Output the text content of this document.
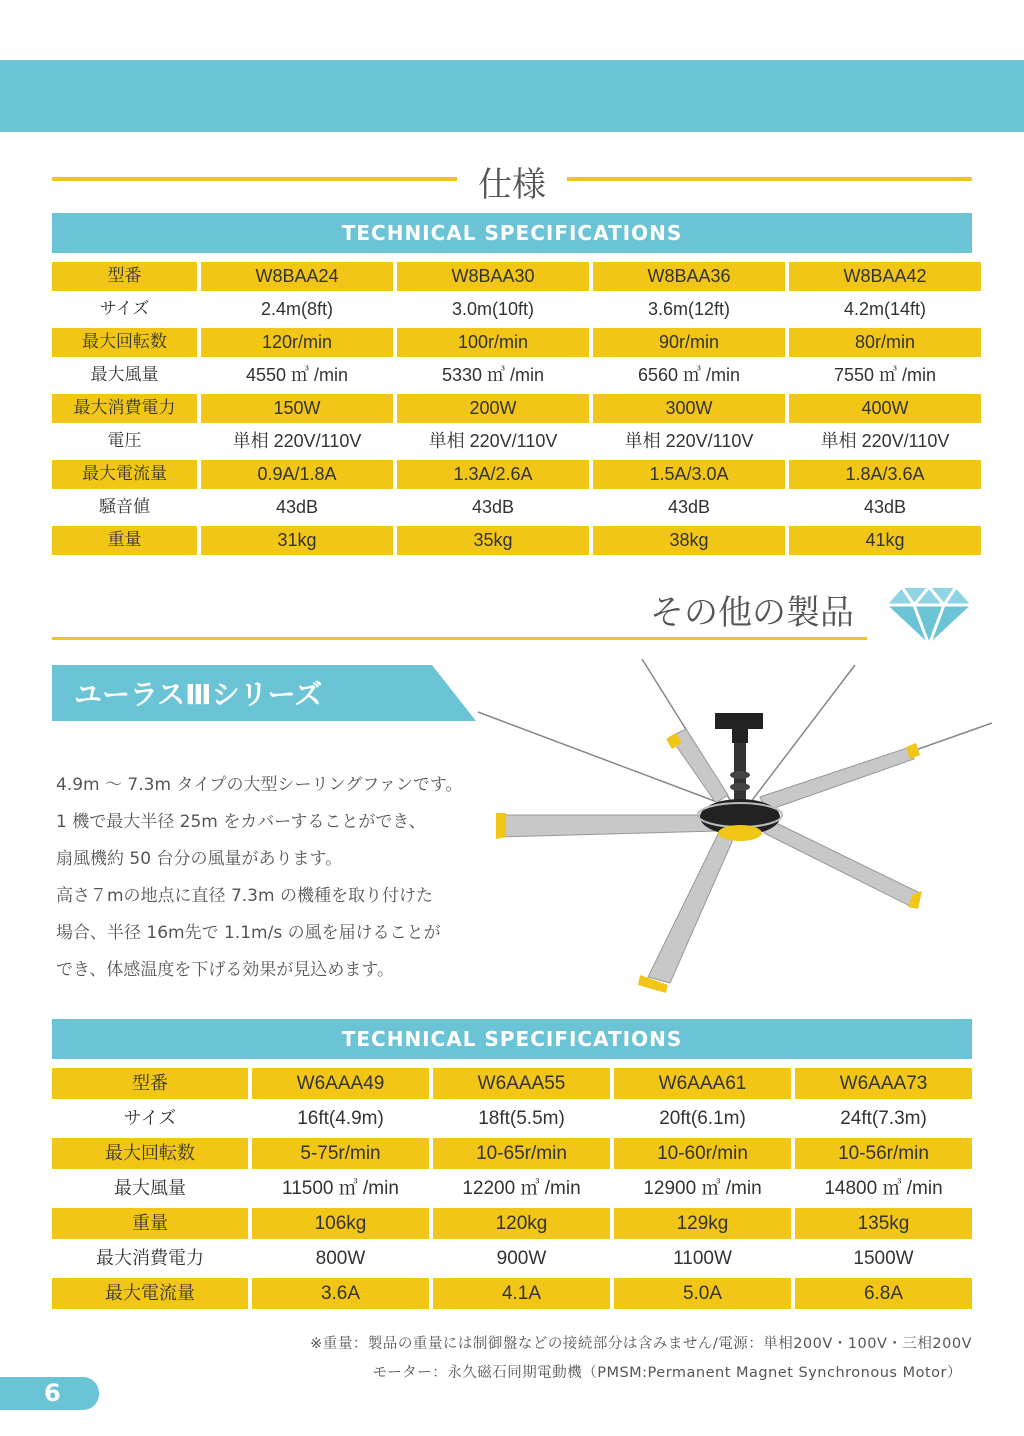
仕様
TECHNICAL SPECIFICATIONS
型番	W8BAA24	W8BAA30	W8BAA36	W8BAA42
サイズ	2.4m(8ft)	3.0m(10ft)	3.6m(12ft)	4.2m(14ft)
最大回転数	120r/min	100r/min	90r/min	80r/min
最大風量	4550 ㎥ /min	5330 ㎥ /min	6560 ㎥ /min	7550 ㎥ /min
最大消費電力	150W	200W	300W	400W
電圧	単相 220V/110V	単相 220V/110V	単相 220V/110V	単相 220V/110V
最大電流量	0.9A/1.8A	1.3A/2.6A	1.5A/3.0A	1.8A/3.6A
騒音値	43dB	43dB	43dB	43dB
重量	31kg	35kg	38kg	41kg
その他の製品
ユーラスⅢシリーズ
4.9m ～ 7.3m タイプの大型シーリングファンです。
1 機で最大半径 25m をカバーすることができ、
扇風機約 50 台分の風量があります。
高さ７mの地点に直径 7.3m の機種を取り付けた
場合、半径 16m先で 1.1m/s の風を届けることが
でき、体感温度を下げる効果が見込めます。
TECHNICAL SPECIFICATIONS
型番	W6AAA49	W6AAA55	W6AAA61	W6AAA73
サイズ	16ft(4.9m)	18ft(5.5m)	20ft(6.1m)	24ft(7.3m)
最大回転数	5-75r/min	10-65r/min	10-60r/min	10-56r/min
最大風量	11500 ㎥ /min	12200 ㎥ /min	12900 ㎥ /min	14800 ㎥ /min
重量	106kg	120kg	129kg	135kg
最大消費電力	800W	900W	1100W	1500W
最大電流量	3.6A	4.1A	5.0A	6.8A
※重量：製品の重量には制御盤などの接続部分は含みません/電源：単相200V・100V・三相200V
モーター：永久磁石同期電動機（PMSM:Permanent Magnet Synchronous Motor）
6
